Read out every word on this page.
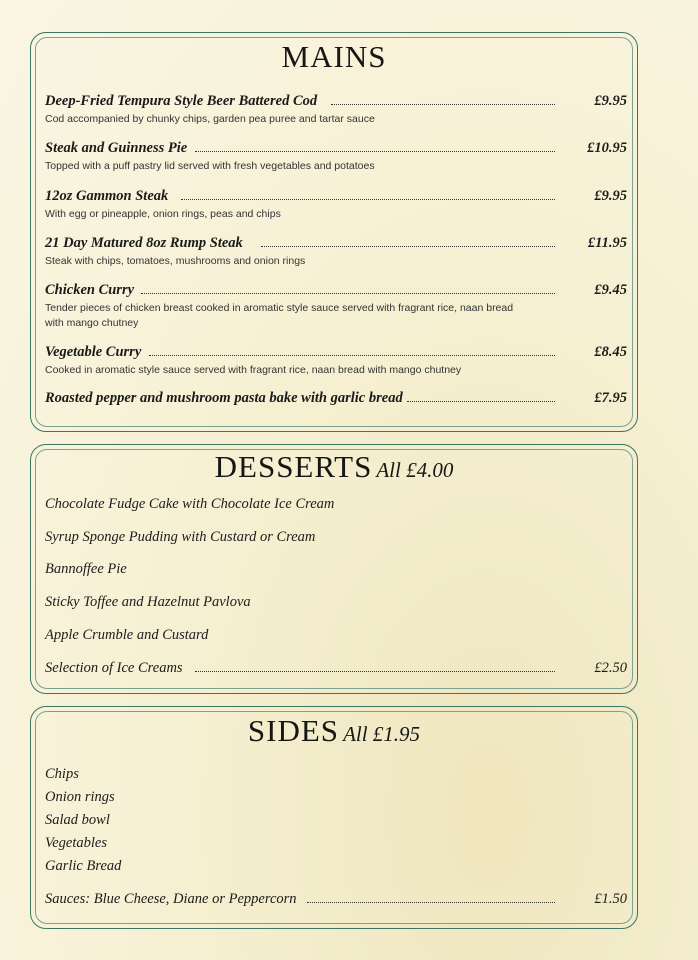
MAINS
Deep-Fried Tempura Style Beer Battered Cod	£9.95
Cod accompanied by chunky chips, garden pea puree and tartar sauce
Steak and Guinness Pie	£10.95
Topped with a puff pastry lid served with fresh vegetables and potatoes
12oz Gammon Steak	£9.95
With egg or pineapple, onion rings, peas and chips
21 Day Matured 8oz Rump Steak	£11.95
Steak with chips, tomatoes, mushrooms and onion rings
Chicken Curry	£9.45
Tender pieces of chicken breast cooked in aromatic style sauce served with fragrant rice, naan bread with mango chutney
Vegetable Curry	£8.45
Cooked in aromatic style sauce served with fragrant rice, naan bread with mango chutney
Roasted pepper and mushroom pasta bake with garlic bread	£7.95
DESSERTS All £4.00
Chocolate Fudge Cake with Chocolate Ice Cream
Syrup Sponge Pudding with Custard or Cream
Bannoffee Pie
Sticky Toffee and Hazelnut Pavlova
Apple Crumble and Custard
Selection of Ice Creams	£2.50
SIDES All £1.95
Chips
Onion rings
Salad bowl
Vegetables
Garlic Bread
Sauces: Blue Cheese, Diane or Peppercorn	£1.50
